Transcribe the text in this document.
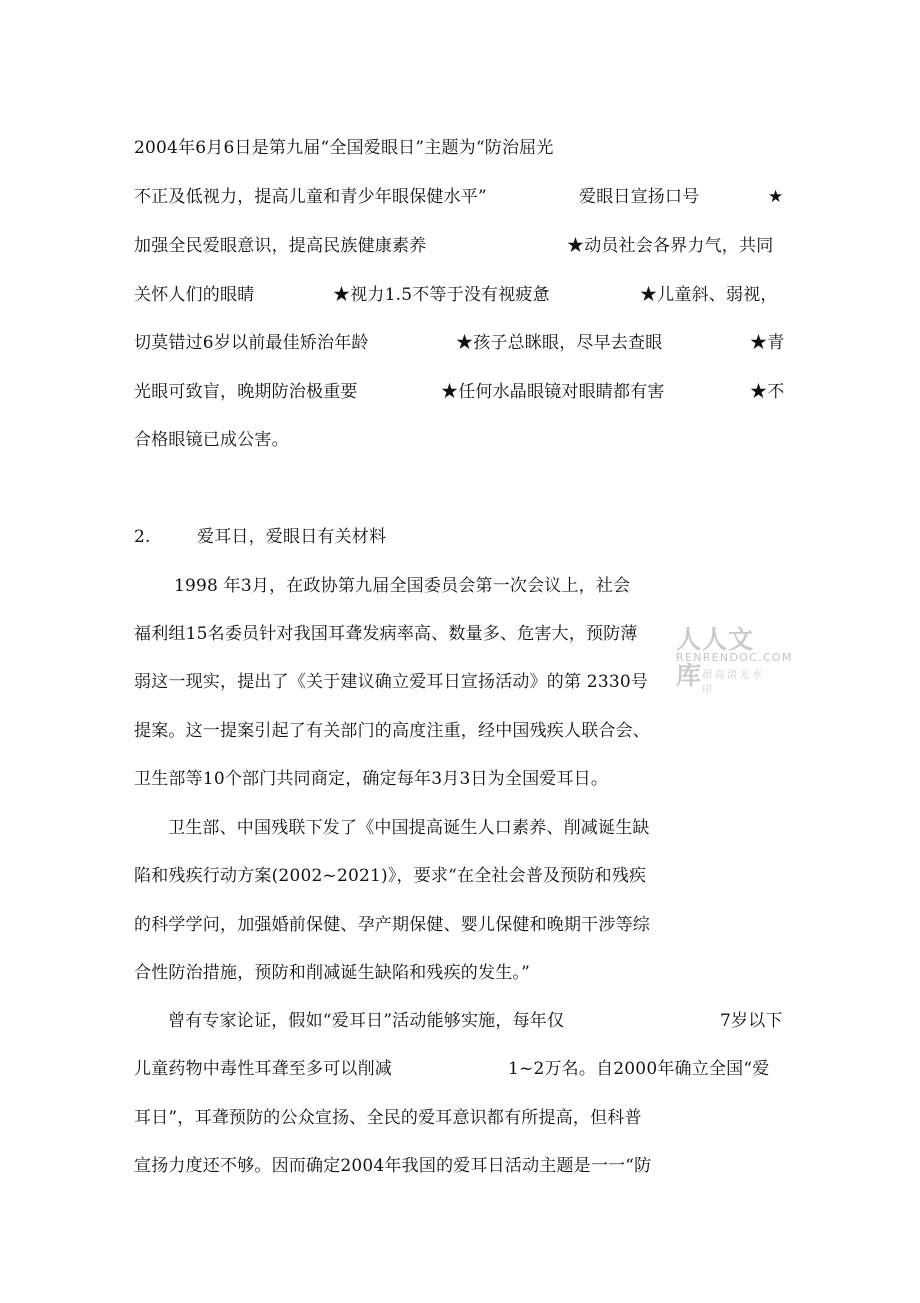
2004年6月6日是第九届“全国爱眼日”主题为“防治屈光
不正及低视力，提高儿童和青少年眼保健水平”	爱眼日宣扬口号	★
加强全民爱眼意识，提高民族健康素养	★动员社会各界力气，共同
关怀人们的眼睛	★视力1.5不等于没有视疲惫	★儿童斜、弱视，
切莫错过6岁以前最佳矫治年龄	★孩子总眯眼，尽早去查眼	★青
光眼可致盲，晚期防治极重要	★任何水晶眼镜对眼睛都有害	★不
合格眼镜已成公害。
2.	爱耳日，爱眼日有关材料
1998 年3月，在政协第九届全国委员会第一次会议上，社会
福利组15名委员针对我国耳聋发病率高、数量多、危害大，预防薄
弱这一现实，提出了《关于建议确立爱耳日宣扬活动》的第 2330号
提案。这一提案引起了有关部门的高度注重，经中国残疾人联合会、
卫生部等10个部门共同商定，确定每年3月3日为全国爱耳日。
卫生部、中国残联下发了《中国提高诞生人口素养、削减诞生缺
陷和残疾行动方案(2002~2021)》，要求“在全社会普及预防和残疾
的科学学问，加强婚前保健、孕产期保健、婴儿保健和晚期干涉等综
合性防治措施，预防和削减诞生缺陷和残疾的发生。”
曾有专家论证，假如“爱耳日”活动能够实施，每年仅	7岁以下
儿童药物中毒性耳聋至多可以削减	1~2万名。自2000年确立全国“爱
耳日”，耳聋预防的公众宣扬、全民的爱耳意识都有所提高，但科普
宣扬力度还不够。因而确定2004年我国的爱耳日活动主题是一一“防
人人文库
RENRENDOC.COM
超高清无水印
